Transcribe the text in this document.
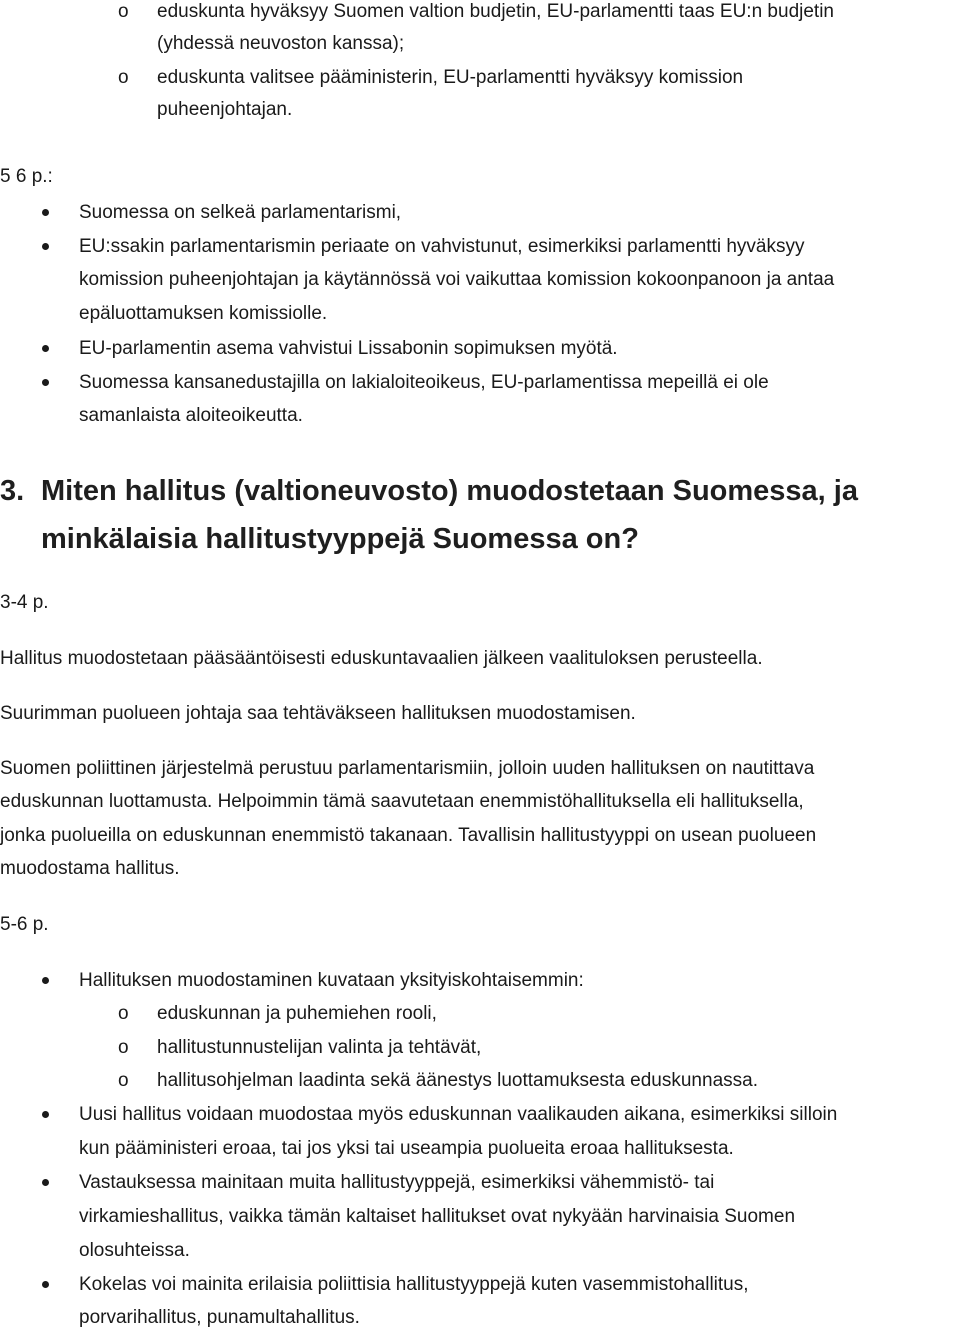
o eduskunta hyväksyy Suomen valtion budjetin, EU-parlamentti taas EU:n budjetin
(yhdessä neuvoston kanssa);
o eduskunta valitsee pääministerin, EU-parlamentti hyväksyy komission
puheenjohtajan.
5 6 p.:
Suomessa on selkeä parlamentarismi,
EU:ssakin parlamentarismin periaate on vahvistunut, esimerkiksi parlamentti hyväksyy
komission puheenjohtajan ja käytännössä voi vaikuttaa komission kokoonpanoon ja antaa
epäluottamuksen komissiolle.
EU-parlamentin asema vahvistui Lissabonin sopimuksen myötä.
Suomessa kansanedustajilla on lakialoiteoikeus, EU-parlamentissa mepeillä ei ole
samanlaista aloiteoikeutta.
3. Miten hallitus (valtioneuvosto) muodostetaan Suomessa, ja
minkälaisia hallitustyyppejä Suomessa on?
3-4 p.
Hallitus muodostetaan pääsääntöisesti eduskuntavaalien jälkeen vaalituloksen perusteella.
Suurimman puolueen johtaja saa tehtäväkseen hallituksen muodostamisen.
Suomen poliittinen järjestelmä perustuu parlamentarismiin, jolloin uuden hallituksen on nautittava
eduskunnan luottamusta. Helpoimmin tämä saavutetaan enemmistöhallituksella eli hallituksella,
jonka puolueilla on eduskunnan enemmistö takanaan. Tavallisin hallitustyyppi on usean puolueen
muodostama hallitus.
5-6 p.
Hallituksen muodostaminen kuvataan yksityiskohtaisemmin:
o eduskunnan ja puhemiehen rooli,
o hallitustunnustelijan valinta ja tehtävät,
o hallitusohjelman laadinta sekä äänestys luottamuksesta eduskunnassa.
Uusi hallitus voidaan muodostaa myös eduskunnan vaalikauden aikana, esimerkiksi silloin
kun pääministeri eroaa, tai jos yksi tai useampia puolueita eroaa hallituksesta.
Vastauksessa mainitaan muita hallitustyyppejä, esimerkiksi vähemmistö- tai
virkamieshallitus, vaikka tämän kaltaiset hallitukset ovat nykyään harvinaisia Suomen
olosuhteissa.
Kokelas voi mainita erilaisia poliittisia hallitustyyppejä kuten vasemmistohallitus,
porvarihallitus, punamultahallitus.
